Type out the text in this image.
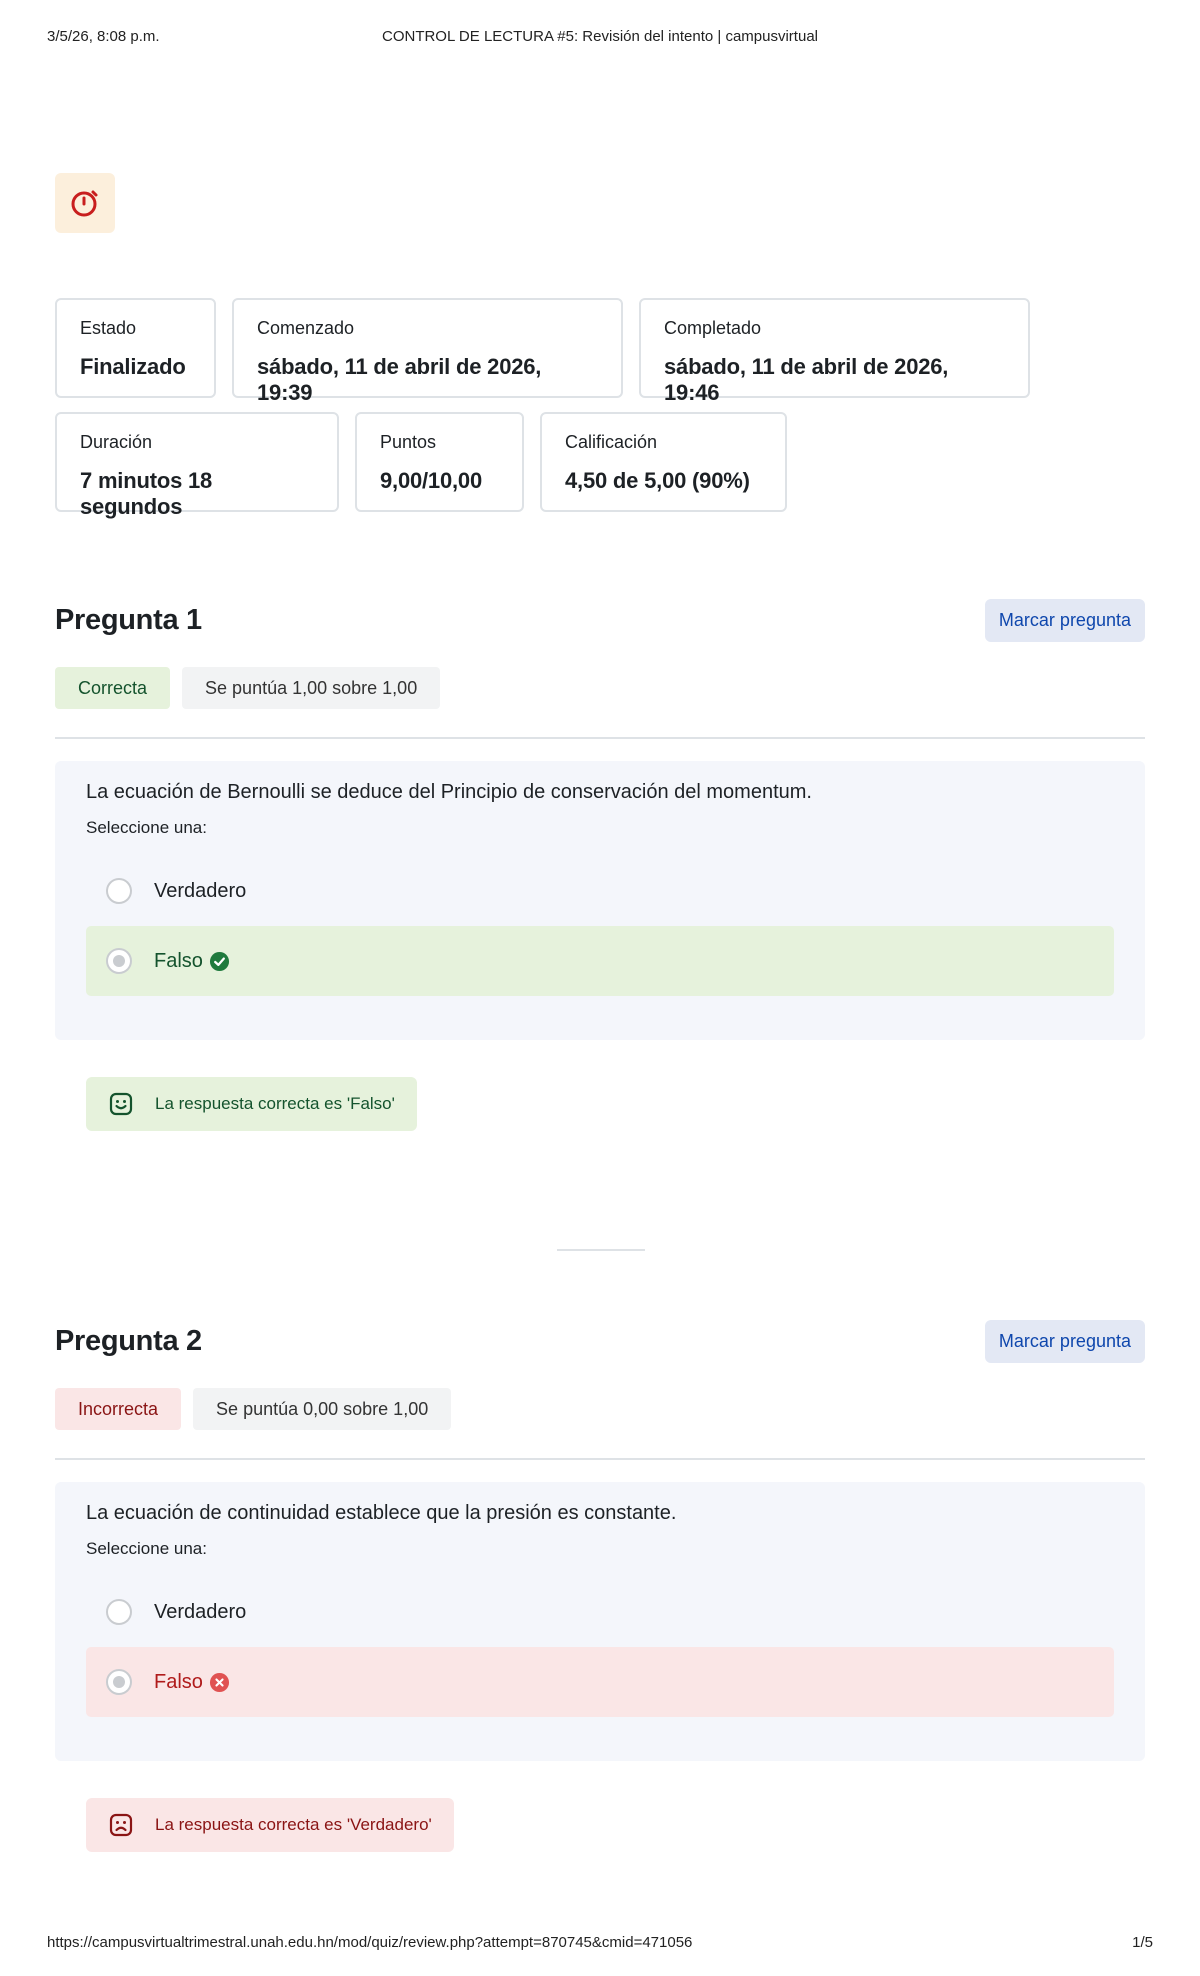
3/5/26, 8:08 p.m.	CONTROL DE LECTURA #5: Revisión del intento | campusvirtual
Estado
Finalizado
Comenzado
sábado, 11 de abril de 2026, 19:39
Completado
sábado, 11 de abril de 2026, 19:46
Duración
7 minutos 18 segundos
Puntos
9,00/10,00
Calificación
4,50 de 5,00 (90%)
Pregunta 1	Marcar pregunta
Correcta	Se puntúa 1,00 sobre 1,00
La ecuación de Bernoulli se deduce del Principio de conservación del momentum.
Seleccione una:
Verdadero
Falso
La respuesta correcta es 'Falso'
Pregunta 2	Marcar pregunta
Incorrecta	Se puntúa 0,00 sobre 1,00
La ecuación de continuidad establece que la presión es constante.
Seleccione una:
Verdadero
Falso
La respuesta correcta es 'Verdadero'
https://campusvirtualtrimestral.unah.edu.hn/mod/quiz/review.php?attempt=870745&cmid=471056	1/5
